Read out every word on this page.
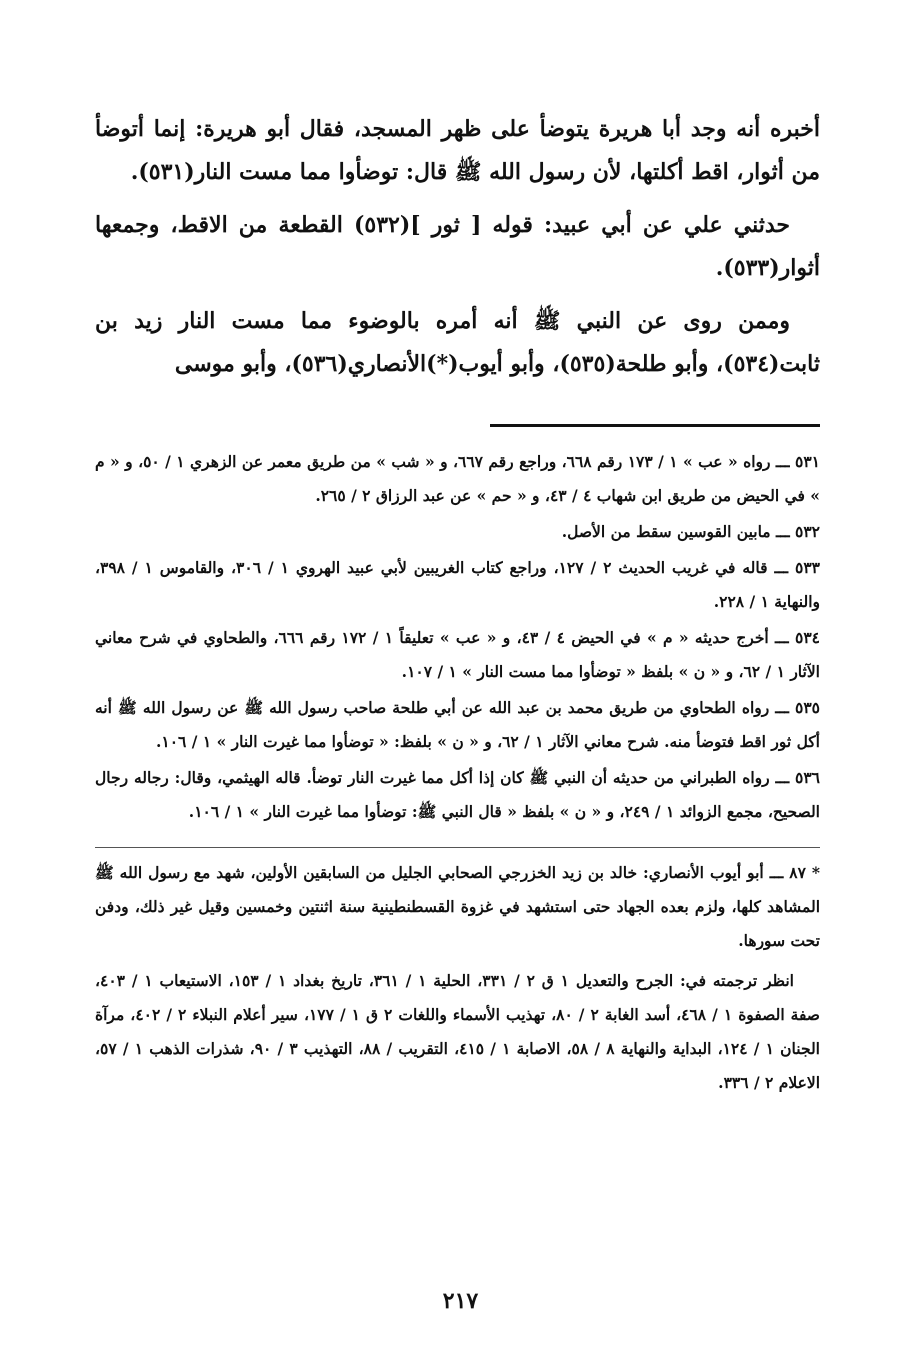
أخبره أنه وجد أبا هريرة يتوضأ على ظهر المسجد، فقال أبو هريرة: إنما أتوضأ من أثوار، اقط أكلتها، لأن رسول الله ﷺ قال: توضأوا مما مست النار(٥٣١).

حدثني علي عن أبي عبيد: قوله [ ثور ](٥٣٢) القطعة من الاقط، وجمعها أثوار(٥٣٣).

وممن روى عن النبي ﷺ أنه أمره بالوضوء مما مست النار زيد بن ثابت(٥٣٤)، وأبو طلحة(٥٣٥)، وأبو أيوب(*)الأنصاري(٥٣٦)، وأبو موسى

٥٣١ ـــ رواه « عب » ١ / ١٧٣ رقم ٦٦٨، وراجع رقم ٦٦٧، و « شب » من طريق معمر عن الزهري ١ / ٥٠، و « م » في الحيض من طريق ابن شهاب ٤ / ٤٣، و « حم » عن عبد الرزاق ٢ / ٢٦٥.

٥٣٢ ـــ مابين القوسين سقط من الأصل.

٥٣٣ ـــ قاله في غريب الحديث ٢ / ١٢٧، وراجع كتاب الغريبين لأبي عبيد الهروي ١ / ٣٠٦، والقاموس ١ / ٣٩٨، والنهاية ١ / ٢٢٨.

٥٣٤ ـــ أخرج حديثه « م » في الحيض ٤ / ٤٣، و « عب » تعليقاً ١ / ١٧٢ رقم ٦٦٦، والطحاوي في شرح معاني الآثار ١ / ٦٢، و « ن » بلفظ « توضأوا مما مست النار » ١ / ١٠٧.

٥٣٥ ـــ رواه الطحاوي من طريق محمد بن عبد الله عن أبي طلحة صاحب رسول الله ﷺ عن رسول الله ﷺ أنه أكل ثور اقط فتوضأ منه. شرح معاني الآثار ١ / ٦٢، و « ن » بلفظ: « توضأوا مما غيرت النار » ١ / ١٠٦.

٥٣٦ ـــ رواه الطبراني من حديثه أن النبي ﷺ كان إذا أكل مما غيرت النار توضأ. قاله الهيثمي، وقال: رجاله رجال الصحيح، مجمع الزوائد ١ / ٢٤٩، و « ن » بلفظ « قال النبي ﷺ: توضأوا مما غيرت النار » ١ / ١٠٦.

* ٨٧ ـــ أبو أيوب الأنصاري: خالد بن زيد الخزرجي الصحابي الجليل من السابقين الأولين، شهد مع رسول الله ﷺ المشاهد كلها، ولزم بعده الجهاد حتى استشهد في غزوة القسطنطينية سنة اثنتين وخمسين وقيل غير ذلك، ودفن تحت سورها.

انظر ترجمته في: الجرح والتعديل ١ ق ٢ / ٣٣١، الحلية ١ / ٣٦١، تاريخ بغداد ١ / ١٥٣، الاستيعاب ١ / ٤٠٣، صفة الصفوة ١ / ٤٦٨، أسد الغابة ٢ / ٨٠، تهذيب الأسماء واللغات ٢ ق ١ / ١٧٧، سير أعلام النبلاء ٢ / ٤٠٢، مرآة الجنان ١ / ١٢٤، البداية والنهاية ٨ / ٥٨، الاصابة ١ / ٤١٥، التقريب / ٨٨، التهذيب ٣ / ٩٠، شذرات الذهب ١ / ٥٧، الاعلام ٢ / ٣٣٦.

٢١٧
